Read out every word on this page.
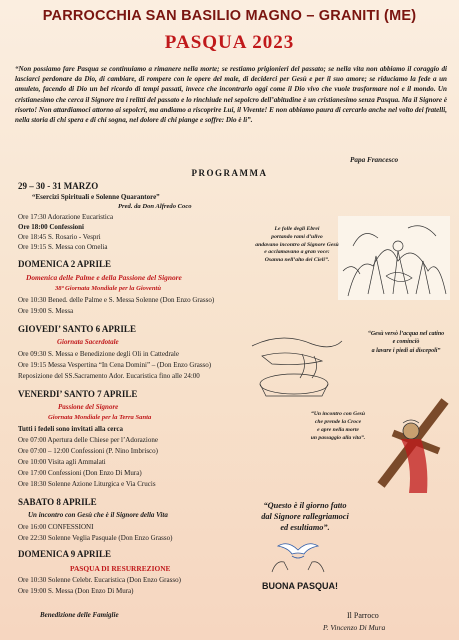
PARROCCHIA SAN BASILIO MAGNO – GRANITI (ME)
PASQUA 2023
“Non possiamo fare Pasqua se continuiamo a rimanere nella morte; se restiamo prigionieri del passato; se nella vita non abbiamo il coraggio di lasciarci perdonare da Dio, di cambiare, di rompere con le opere del male, di deciderci per Gesù e per il suo amore; se riduciamo la fede a un amuleto, facendo di Dio un bel ricordo di tempi passati, invece che incontrarlo oggi come il Dio vivo che vuole trasformare noi e il mondo. Un cristianesimo che cerca il Signore tra i relitti del passato e lo rinchiude nel sepolcro dell’abitudine è un cristianesimo senza Pasqua. Ma il Signore è risorto! Non attardiamoci attorno ai sepolcri, ma andiamo a riscoprire Lui, il Vivente! E non abbiamo paura di cercarlo anche nel volto dei fratelli, nella storia di chi spera e di chi sogna, nel dolore di chi piange e soffre: Dio è lì”.
Papa Francesco
PROGRAMMA
29 – 30 - 31 MARZO
“Esercizi Spirituali e Solenne Quarantore”
Pred. da Don Alfredo Coco
Ore 17:30 Adorazione Eucaristica
Ore 18:00 Confessioni
Ore 18:45 S. Rosario - Vespri
Ore 19:15 S. Messa con Omelia
DOMENICA 2 APRILE
Domenica delle Palme e della Passione del Signore
38ª Giornata Mondiale per la Gioventù
Ore 10:30 Bened. delle Palme e S. Messa Solenne (Don Enzo Grasso)
Ore 19:00 S. Messa
GIOVEDI’ SANTO 6 APRILE
Giornata Sacerdotale
Ore 09:30 S. Messa e Benedizione degli Oli in Cattedrale
Ore 19:15 Messa Vespertina “In Cena Domini” – (Don Enzo Grasso)
Reposizione del SS.Sacramento Ador. Eucaristica fino alle 24:00
VENERDI’ SANTO 7 APRILE
Passione del Signore
Giornata Mondiale per la Terra Santa
Tutti i fedeli sono invitati alla cerca
Ore 07:00 Apertura delle Chiese per l’Adorazione
Ore 07:00 – 12:00 Confessioni (P. Nino Imbrisco)
Ore 10:00 Visita agli Ammalati
Ore 17:00 Confessioni (Don Enzo Di Mura)
Ore 18:30 Solenne Azione Liturgica e Via Crucis
SABATO 8 APRILE
Un incontro con Gesù che è il Signore della Vita
Ore 16:00 CONFESSIONI
Ore 22:30 Solenne Veglia Pasquale (Don Enzo Grasso)
DOMENICA 9 APRILE
PASQUA DI RESURREZIONE
Ore 10:30 Solenne Celebr. Eucaristica (Don Enzo Grasso)
Ore 19:00 S. Messa (Don Enzo Di Mura)
Le folle degli Ebrei
portando rami d’ulivo
andavano incontro al Signore Gesù
e acclamavano a gran voce:
Osanna nell’alto dei Cieli”.
“Gesù versò l’acqua nel catino
e cominciò
a lavare i piedi ai discepoli”
“Un incontro con Gesù
che prende la Croce
e apre nella morte
un passaggio alla vita”.
“Questo è il giorno fatto
dal Signore rallegriamoci
ed esultiamo”.
BUONA PASQUA!
Benedizione delle Famiglie	Il Parroco
P. Vincenzo Di Mura
